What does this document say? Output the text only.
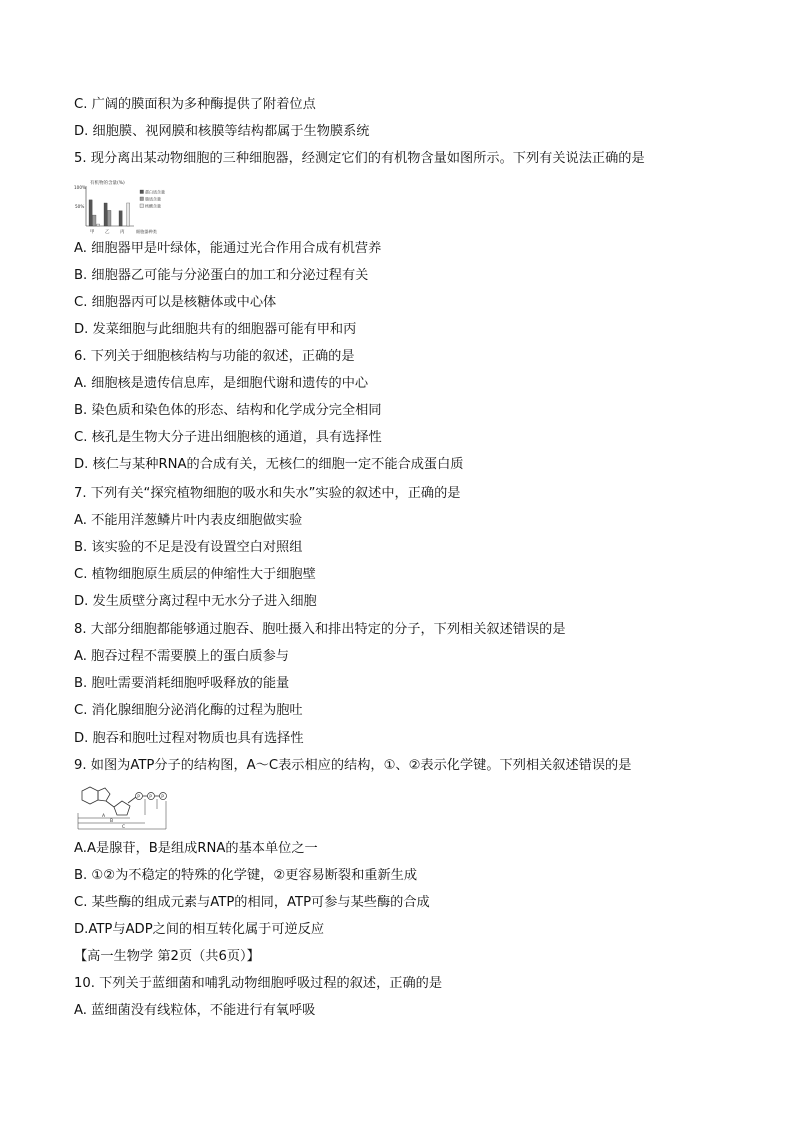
C. 广阔的膜面积为多种酶提供了附着位点
D. 细胞膜、视网膜和核膜等结构都属于生物膜系统
5. 现分离出某动物细胞的三种细胞器，经测定它们的有机物含量如图所示。下列有关说法正确的是
有机物的含量(%)
100%
50%
甲 乙 丙	细胞器种类
蛋白质含量
脂质含量
核酸含量
A. 细胞器甲是叶绿体，能通过光合作用合成有机营养
B. 细胞器乙可能与分泌蛋白的加工和分泌过程有关
C. 细胞器丙可以是核糖体或中心体
D. 发菜细胞与此细胞共有的细胞器可能有甲和丙
6. 下列关于细胞核结构与功能的叙述，正确的是
A. 细胞核是遗传信息库，是细胞代谢和遗传的中心
B. 染色质和染色体的形态、结构和化学成分完全相同
C. 核孔是生物大分子进出细胞核的通道，具有选择性
D. 核仁与某种RNA的合成有关，无核仁的细胞一定不能合成蛋白质
7. 下列有关“探究植物细胞的吸水和失水”实验的叙述中，正确的是
A. 不能用洋葱鳞片叶内表皮细胞做实验
B. 该实验的不足是没有设置空白对照组
C. 植物细胞原生质层的伸缩性大于细胞壁
D. 发生质壁分离过程中无水分子进入细胞
8. 大部分细胞都能够通过胞吞、胞吐摄入和排出特定的分子，下列相关叙述错误的是
A. 胞吞过程不需要膜上的蛋白质参与
B. 胞吐需要消耗细胞呼吸释放的能量
C. 消化腺细胞分泌消化酶的过程为胞吐
D. 胞吞和胞吐过程对物质也具有选择性
9. 如图为ATP分子的结构图，A～C表示相应的结构，①、②表示化学键。下列相关叙述错误的是
P P P
A
B
C
A.A是腺苷，B是组成RNA的基本单位之一
B. ①②为不稳定的特殊的化学键，②更容易断裂和重新生成
C. 某些酶的组成元素与ATP的相同，ATP可参与某些酶的合成
D.ATP与ADP之间的相互转化属于可逆反应
【高一生物学 第2页（共6页）】
10. 下列关于蓝细菌和哺乳动物细胞呼吸过程的叙述，正确的是
A. 蓝细菌没有线粒体，不能进行有氧呼吸
